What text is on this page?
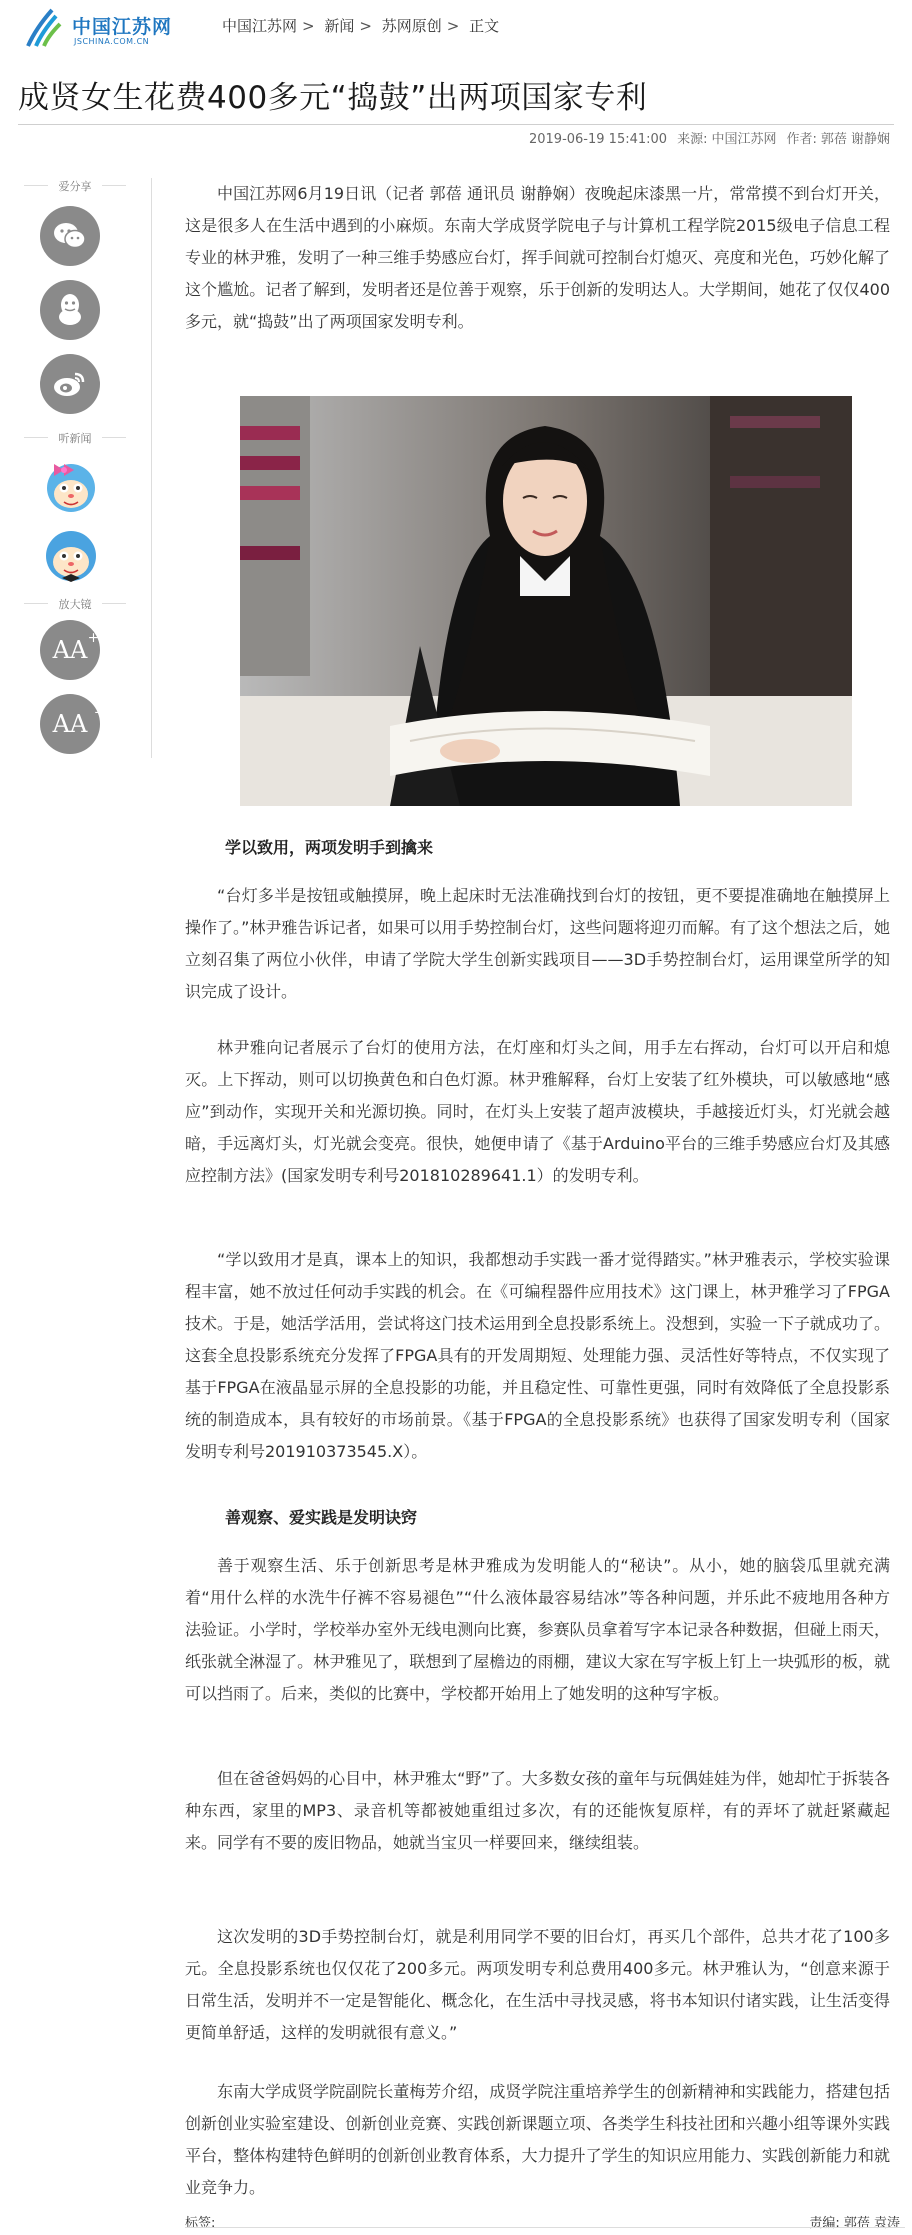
中国江苏网
JSCHINA.COM.CN
中国江苏网 > 新闻 > 苏网原创 > 正文
成贤女生花费400多元“捣鼓”出两项国家专利
2019-06-19 15:41:00 来源: 中国江苏网 作者: 郭蓓 谢静娴
爱分享
听新闻
放大镜
AA +
AA -

中国江苏网6月19日讯（记者 郭蓓 通讯员 谢静娴）夜晚起床漆黑一片，常常摸不到台灯开关，这是很多人在生活中遇到的小麻烦。东南大学成贤学院电子与计算机工程学院2015级电子信息工程专业的林尹雅，发明了一种三维手势感应台灯，挥手间就可控制台灯熄灭、亮度和光色，巧妙化解了这个尴尬。记者了解到，发明者还是位善于观察，乐于创新的发明达人。大学期间，她花了仅仅400多元，就“捣鼓”出了两项国家发明专利。

学以致用，两项发明手到擒来

“台灯多半是按钮或触摸屏，晚上起床时无法准确找到台灯的按钮，更不要提准确地在触摸屏上操作了。”林尹雅告诉记者，如果可以用手势控制台灯，这些问题将迎刃而解。有了这个想法之后，她立刻召集了两位小伙伴，申请了学院大学生创新实践项目——3D手势控制台灯，运用课堂所学的知识完成了设计。

林尹雅向记者展示了台灯的使用方法，在灯座和灯头之间，用手左右挥动，台灯可以开启和熄灭。上下挥动，则可以切换黄色和白色灯源。林尹雅解释，台灯上安装了红外模块，可以敏感地“感应”到动作，实现开关和光源切换。同时，在灯头上安装了超声波模块，手越接近灯头，灯光就会越暗，手远离灯头，灯光就会变亮。很快，她便申请了《基于Arduino平台的三维手势感应台灯及其感应控制方法》(国家发明专利号201810289641.1）的发明专利。

“学以致用才是真，课本上的知识，我都想动手实践一番才觉得踏实。”林尹雅表示，学校实验课程丰富，她不放过任何动手实践的机会。在《可编程器件应用技术》这门课上，林尹雅学习了FPGA技术。于是，她活学活用，尝试将这门技术运用到全息投影系统上。没想到，实验一下子就成功了。这套全息投影系统充分发挥了FPGA具有的开发周期短、处理能力强、灵活性好等特点，不仅实现了基于FPGA在液晶显示屏的全息投影的功能，并且稳定性、可靠性更强，同时有效降低了全息投影系统的制造成本，具有较好的市场前景。《基于FPGA的全息投影系统》也获得了国家发明专利（国家发明专利号201910373545.X）。

善观察、爱实践是发明诀窍

善于观察生活、乐于创新思考是林尹雅成为发明能人的“秘诀”。从小，她的脑袋瓜里就充满着“用什么样的水洗牛仔裤不容易褪色”“什么液体最容易结冰”等各种问题，并乐此不疲地用各种方法验证。小学时，学校举办室外无线电测向比赛，参赛队员拿着写字本记录各种数据，但碰上雨天，纸张就全淋湿了。林尹雅见了，联想到了屋檐边的雨棚，建议大家在写字板上钉上一块弧形的板，就可以挡雨了。后来，类似的比赛中，学校都开始用上了她发明的这种写字板。

但在爸爸妈妈的心目中，林尹雅太“野”了。大多数女孩的童年与玩偶娃娃为伴，她却忙于拆装各种东西，家里的MP3、录音机等都被她重组过多次，有的还能恢复原样，有的弄坏了就赶紧藏起来。同学有不要的废旧物品，她就当宝贝一样要回来，继续组装。

这次发明的3D手势控制台灯，就是利用同学不要的旧台灯，再买几个部件，总共才花了100多元。全息投影系统也仅仅花了200多元。两项发明专利总费用400多元。林尹雅认为，“创意来源于日常生活，发明并不一定是智能化、概念化，在生活中寻找灵感，将书本知识付诸实践，让生活变得更简单舒适，这样的发明就很有意义。”

东南大学成贤学院副院长董梅芳介绍，成贤学院注重培养学生的创新精神和实践能力，搭建包括创新创业实验室建设、创新创业竞赛、实践创新课题立项、各类学生科技社团和兴趣小组等课外实践平台，整体构建特色鲜明的创新创业教育体系，大力提升了学生的知识应用能力、实践创新能力和就业竞争力。

标签:	责编: 郭蓓 袁涛
